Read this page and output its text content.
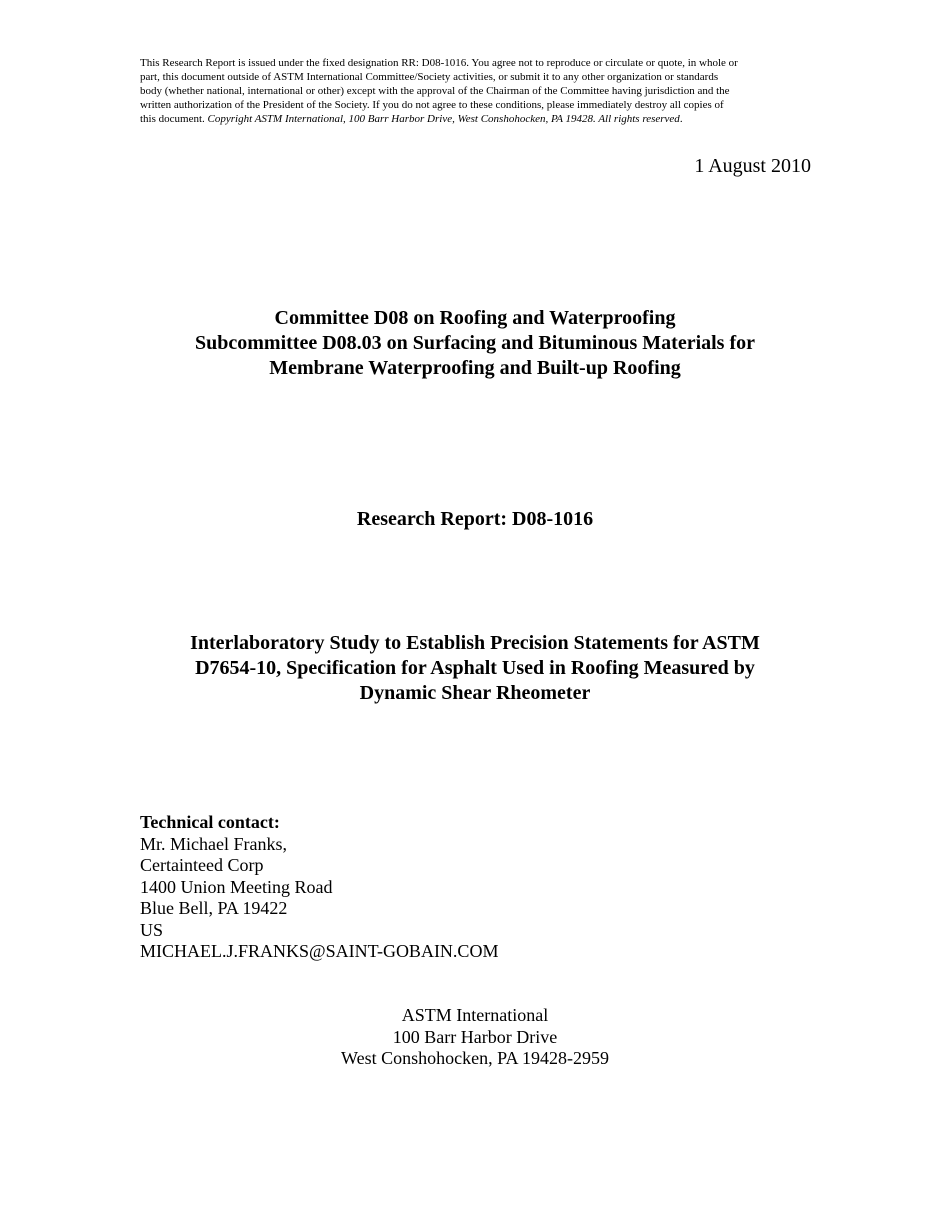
This Research Report is issued under the fixed designation RR: D08-1016. You agree not to reproduce or circulate or quote, in whole or
part, this document outside of ASTM International Committee/Society activities, or submit it to any other organization or standards
body (whether national, international or other) except with the approval of the Chairman of the Committee having jurisdiction and the
written authorization of the President of the Society. If you do not agree to these conditions, please immediately destroy all copies of
this document. Copyright ASTM International, 100 Barr Harbor Drive, West Conshohocken, PA 19428. All rights reserved.
1 August 2010
Committee D08 on Roofing and Waterproofing
Subcommittee D08.03 on Surfacing and Bituminous Materials for
Membrane Waterproofing and Built-up Roofing
Research Report: D08-1016
Interlaboratory Study to Establish Precision Statements for ASTM
D7654-10, Specification for Asphalt Used in Roofing Measured by
Dynamic Shear Rheometer
Technical contact:
Mr. Michael Franks,
Certainteed Corp
1400 Union Meeting Road
Blue Bell, PA 19422
US
MICHAEL.J.FRANKS@SAINT-GOBAIN.COM
ASTM International
100 Barr Harbor Drive
West Conshohocken, PA 19428-2959
